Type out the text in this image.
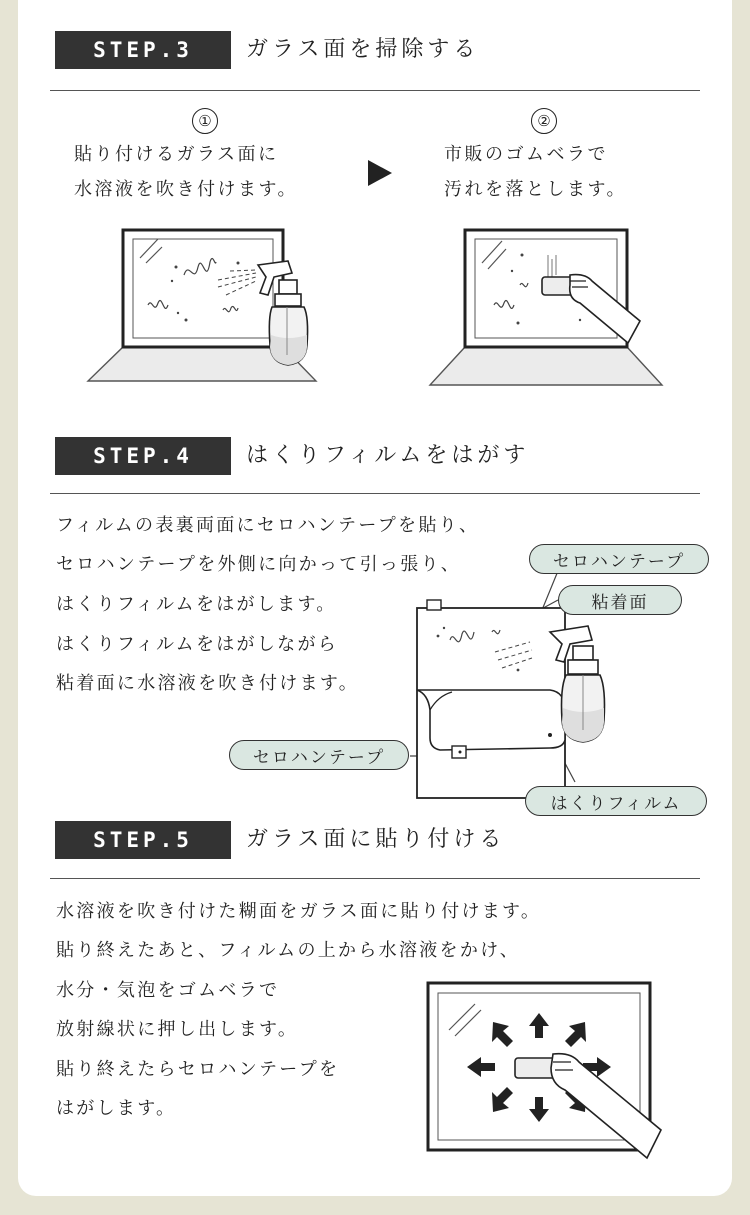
STEP.3	ガラス面を掃除する
①
貼り付けるガラス面に
水溶液を吹き付けます。
②
市販のゴムベラで
汚れを落とします。
STEP.4	はくりフィルムをはがす
フィルムの表裏両面にセロハンテープを貼り、
セロハンテープを外側に向かって引っ張り、
はくりフィルムをはがします。
はくりフィルムをはがしながら
粘着面に水溶液を吹き付けます。
セロハンテープ
粘着面
セロハンテープ
はくりフィルム
STEP.5	ガラス面に貼り付ける
水溶液を吹き付けた糊面をガラス面に貼り付けます。
貼り終えたあと、フィルムの上から水溶液をかけ、
水分・気泡をゴムベラで
放射線状に押し出します。
貼り終えたらセロハンテープを
はがします。
